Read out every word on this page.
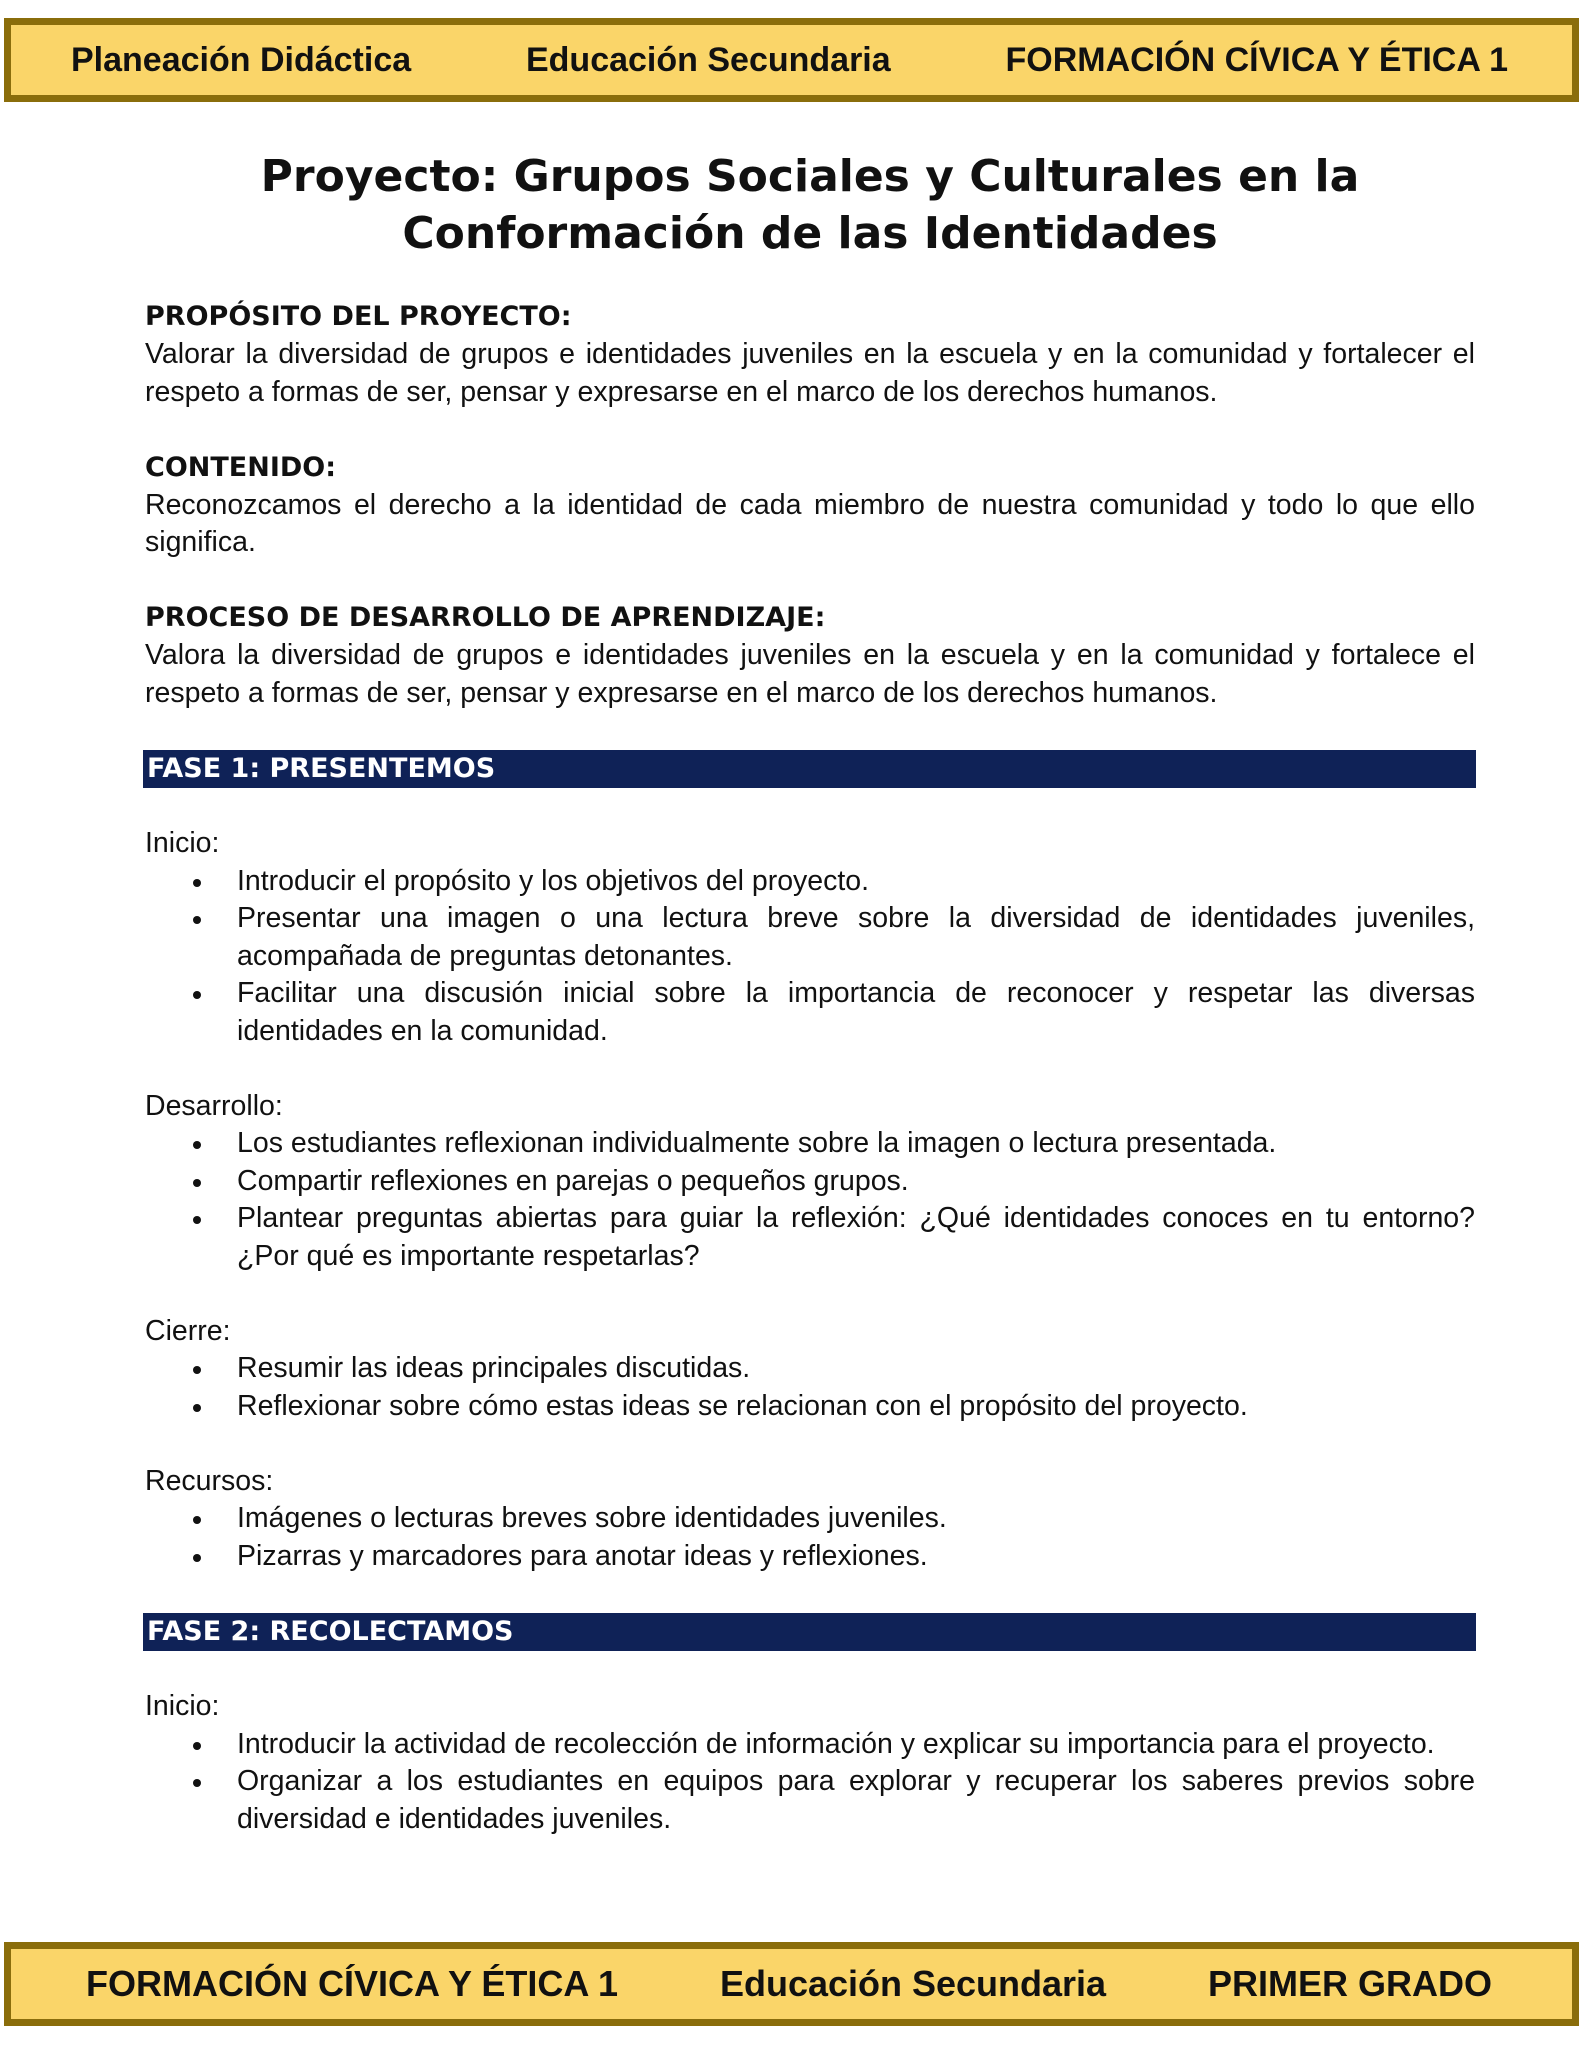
Planeación Didáctica	Educación Secundaria	FORMACIÓN CÍVICA Y ÉTICA 1
Proyecto: Grupos Sociales y Culturales en la
Conformación de las Identidades
PROPÓSITO DEL PROYECTO:

Valorar la diversidad de grupos e identidades juveniles en la escuela y en la comunidad y fortalecer el respeto a formas de ser, pensar y expresarse en el marco de los derechos humanos.

CONTENIDO:

Reconozcamos el derecho a la identidad de cada miembro de nuestra comunidad y todo lo que ello significa.

PROCESO DE DESARROLLO DE APRENDIZAJE:

Valora la diversidad de grupos e identidades juveniles en la escuela y en la comunidad y fortalece el respeto a formas de ser, pensar y expresarse en el marco de los derechos humanos.

FASE 1: PRESENTEMOS
Inicio:
Introducir el propósito y los objetivos del proyecto.
Presentar una imagen o una lectura breve sobre la diversidad de identidades juveniles, acompañada de preguntas detonantes.
Facilitar una discusión inicial sobre la importancia de reconocer y respetar las diversas identidades en la comunidad.
Desarrollo:
Los estudiantes reflexionan individualmente sobre la imagen o lectura presentada.
Compartir reflexiones en parejas o pequeños grupos.
Plantear preguntas abiertas para guiar la reflexión: ¿Qué identidades conoces en tu entorno? ¿Por qué es importante respetarlas?
Cierre:
Resumir las ideas principales discutidas.
Reflexionar sobre cómo estas ideas se relacionan con el propósito del proyecto.
Recursos:
Imágenes o lecturas breves sobre identidades juveniles.
Pizarras y marcadores para anotar ideas y reflexiones.
FASE 2: RECOLECTAMOS
Inicio:
Introducir la actividad de recolección de información y explicar su importancia para el proyecto.
Organizar a los estudiantes en equipos para explorar y recuperar los saberes previos sobre diversidad e identidades juveniles.
FORMACIÓN CÍVICA Y ÉTICA 1	Educación Secundaria	PRIMER GRADO
